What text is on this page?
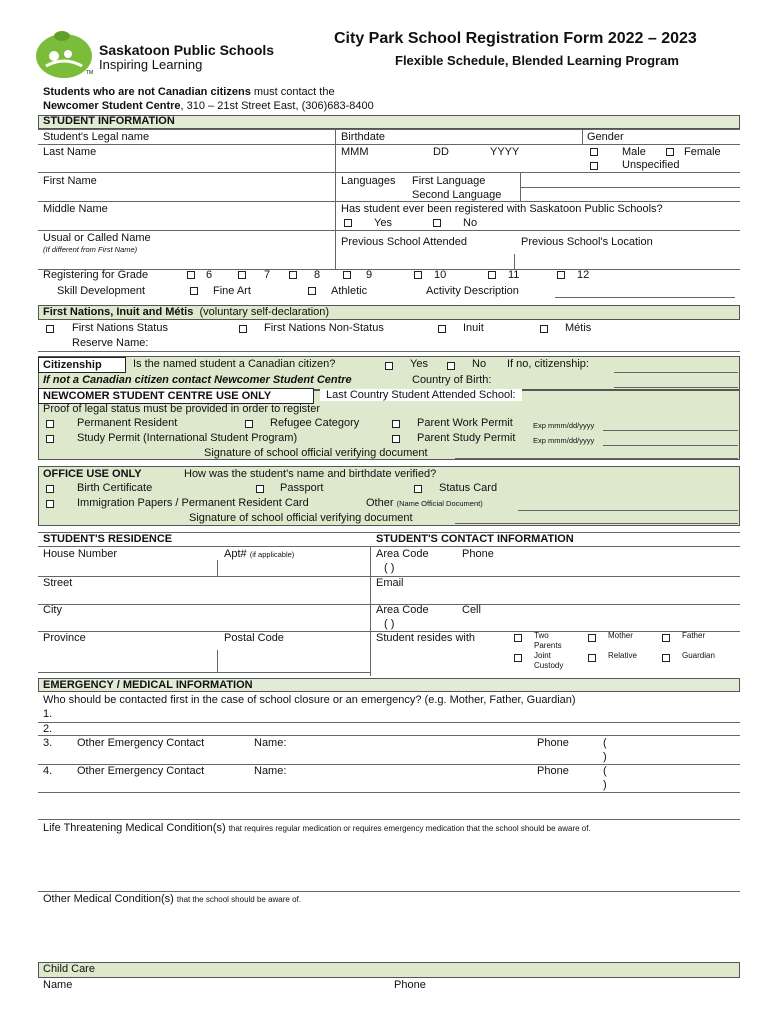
Saskatoon Public Schools
Inspiring Learning
TM
City Park School Registration Form 2022 – 2023
Flexible Schedule, Blended Learning Program
Students who are not Canadian citizens must contact the
Newcomer Student Centre, 310 – 21st Street East, (306)683-8400
STUDENT INFORMATION
Student's Legal name	Birthdate	Gender
Last Name	MMM	DD	YYYY	Male	Female
Unspecified
First Name	Languages First Language
Second Language
Middle Name	Has student ever been registered with Saskatoon Public Schools?
Yes	No
Usual or Called Name
(If different from First Name)
Previous School Attended	Previous School's Location
Registering for Grade	6	7	8	9	10	11	12
Skill Development	Fine Art	Athletic	Activity Description
First Nations, Inuit and Métis (voluntary self-declaration)
First Nations Status	First Nations Non-Status	Inuit	Métis
Reserve Name:
Citizenship	Is the named student a Canadian citizen?	Yes	No If no, citizenship:
If not a Canadian citizen contact Newcomer Student Centre	Country of Birth:
NEWCOMER STUDENT CENTRE USE ONLY	Last Country Student Attended School:
Proof of legal status must be provided in order to register
Permanent Resident	Refugee Category	Parent Work Permit	Exp mmm/dd/yyyy
Study Permit (International Student Program)	Parent Study Permit Exp mmm/dd/yyyy
Signature of school official verifying document
OFFICE USE ONLY	How was the student's name and birthdate verified?
Birth Certificate	Passport	Status Card
Immigration Papers / Permanent Resident Card	Other (Name Official Document)
Signature of school official verifying document
STUDENT'S RESIDENCE	STUDENT'S CONTACT INFORMATION
House Number	Apt# (if applicable)	Area Code	Phone
( )
Street	Email
City	Area Code	Cell
( )
Province	Postal Code	Student resides with	Two
Parents
Joint
Custody
Mother	Father
Relative	Guardian
EMERGENCY / MEDICAL INFORMATION
Who should be contacted first in the case of school closure or an emergency? (e.g. Mother, Father, Guardian)
1.
2.
3. Other Emergency Contact	Name:	Phone	(
)
4. Other Emergency Contact	Name:	Phone	(
)
Life Threatening Medical Condition(s) that requires regular medication or requires emergency medication that the school should be aware of.
Other Medical Condition(s) that the school should be aware of.
Child Care
Name	Phone
